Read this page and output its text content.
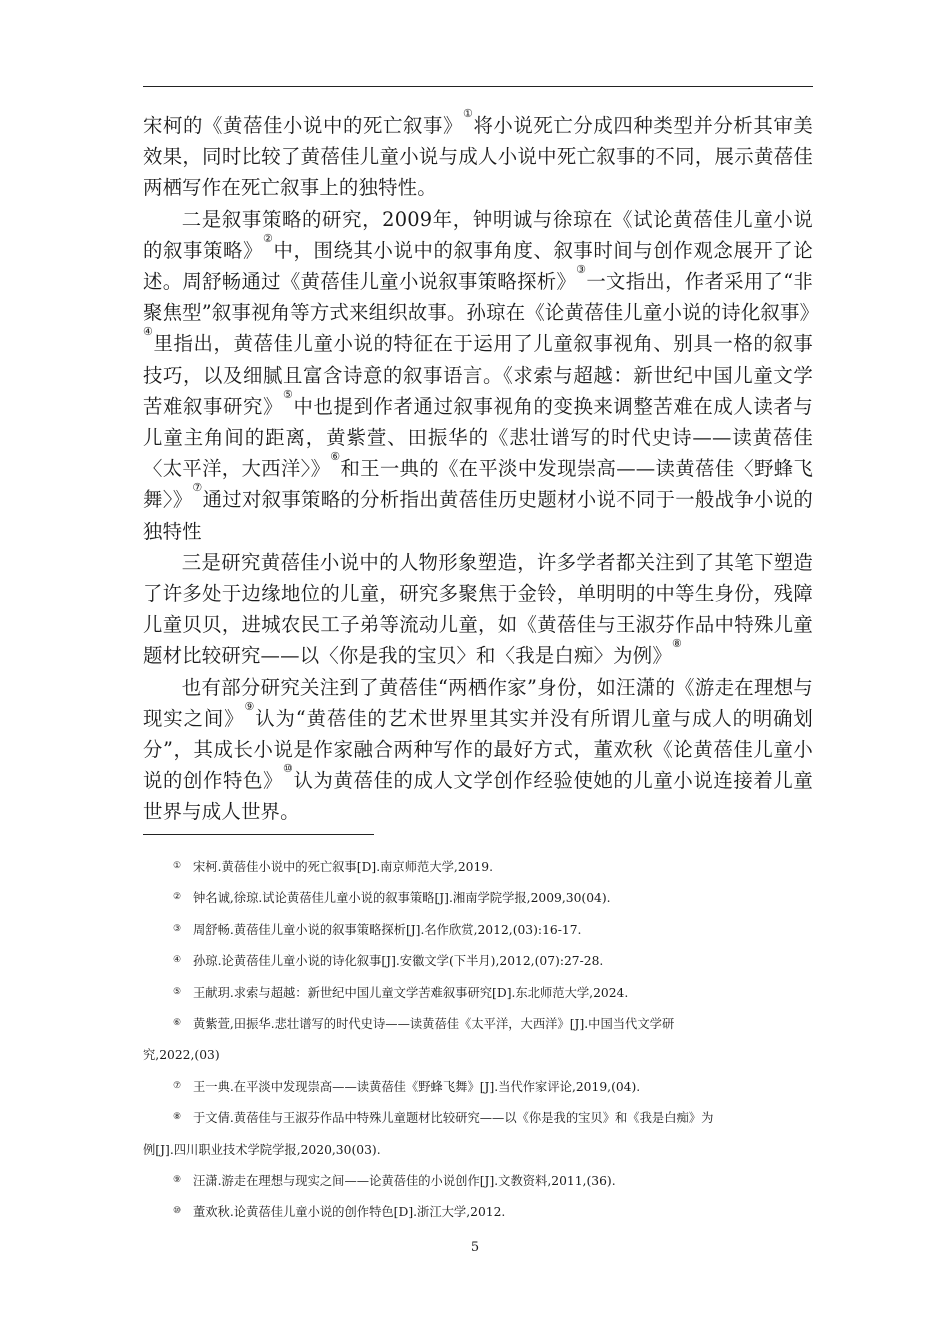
宋柯的《黄蓓佳小说中的死亡叙事》①将小说死亡分成四种类型并分析其审美效果，同时比较了黄蓓佳儿童小说与成人小说中死亡叙事的不同，展示黄蓓佳两栖写作在死亡叙事上的独特性。

二是叙事策略的研究，2009年，钟明诚与徐琼在《试论黄蓓佳儿童小说的叙事策略》②中，围绕其小说中的叙事角度、叙事时间与创作观念展开了论述。周舒畅通过《黄蓓佳儿童小说叙事策略探析》③一文指出，作者采用了“非聚焦型”叙事视角等方式来组织故事。孙琼在《论黄蓓佳儿童小说的诗化叙事》④里指出，黄蓓佳儿童小说的特征在于运用了儿童叙事视角、别具一格的叙事技巧，以及细腻且富含诗意的叙事语言。《求索与超越：新世纪中国儿童文学苦难叙事研究》⑤中也提到作者通过叙事视角的变换来调整苦难在成人读者与儿童主角间的距离，黄紫萱、田振华的《悲壮谱写的时代史诗——读黄蓓佳〈太平洋，大西洋〉》⑥和王一典的《在平淡中发现崇高——读黄蓓佳〈野蜂飞舞〉》⑦通过对叙事策略的分析指出黄蓓佳历史题材小说不同于一般战争小说的独特性

三是研究黄蓓佳小说中的人物形象塑造，许多学者都关注到了其笔下塑造了许多处于边缘地位的儿童，研究多聚焦于金铃，单明明的中等生身份，残障儿童贝贝，进城农民工子弟等流动儿童，如《黄蓓佳与王淑芬作品中特殊儿童题材比较研究——以〈你是我的宝贝〉和〈我是白痴〉为例》⑧

也有部分研究关注到了黄蓓佳“两栖作家”身份，如汪潇的《游走在理想与现实之间》⑨认为“黄蓓佳的艺术世界里其实并没有所谓儿童与成人的明确划分”，其成长小说是作家融合两种写作的最好方式，董欢秋《论黄蓓佳儿童小说的创作特色》⑩认为黄蓓佳的成人文学创作经验使她的儿童小说连接着儿童世界与成人世界。

① 宋柯.黄蓓佳小说中的死亡叙事[D].南京师范大学,2019.

② 钟名诚,徐琼.试论黄蓓佳儿童小说的叙事策略[J].湘南学院学报,2009,30(04).

③ 周舒畅.黄蓓佳儿童小说的叙事策略探析[J].名作欣赏,2012,(03):16-17.

④ 孙琼.论黄蓓佳儿童小说的诗化叙事[J].安徽文学(下半月),2012,(07):27-28.

⑤ 王献玥.求索与超越：新世纪中国儿童文学苦难叙事研究[D].东北师范大学,2024.

⑥ 黄紫萱,田振华.悲壮谱写的时代史诗——读黄蓓佳《太平洋，大西洋》[J].中国当代文学研

究,2022,(03)

⑦ 王一典.在平淡中发现崇高——读黄蓓佳《野蜂飞舞》[J].当代作家评论,2019,(04).

⑧ 于文倩.黄蓓佳与王淑芬作品中特殊儿童题材比较研究——以《你是我的宝贝》和《我是白痴》为

例[J].四川职业技术学院学报,2020,30(03).

⑨ 汪潇.游走在理想与现实之间——论黄蓓佳的小说创作[J].文教资料,2011,(36).

⑩ 董欢秋.论黄蓓佳儿童小说的创作特色[D].浙江大学,2012.

5
